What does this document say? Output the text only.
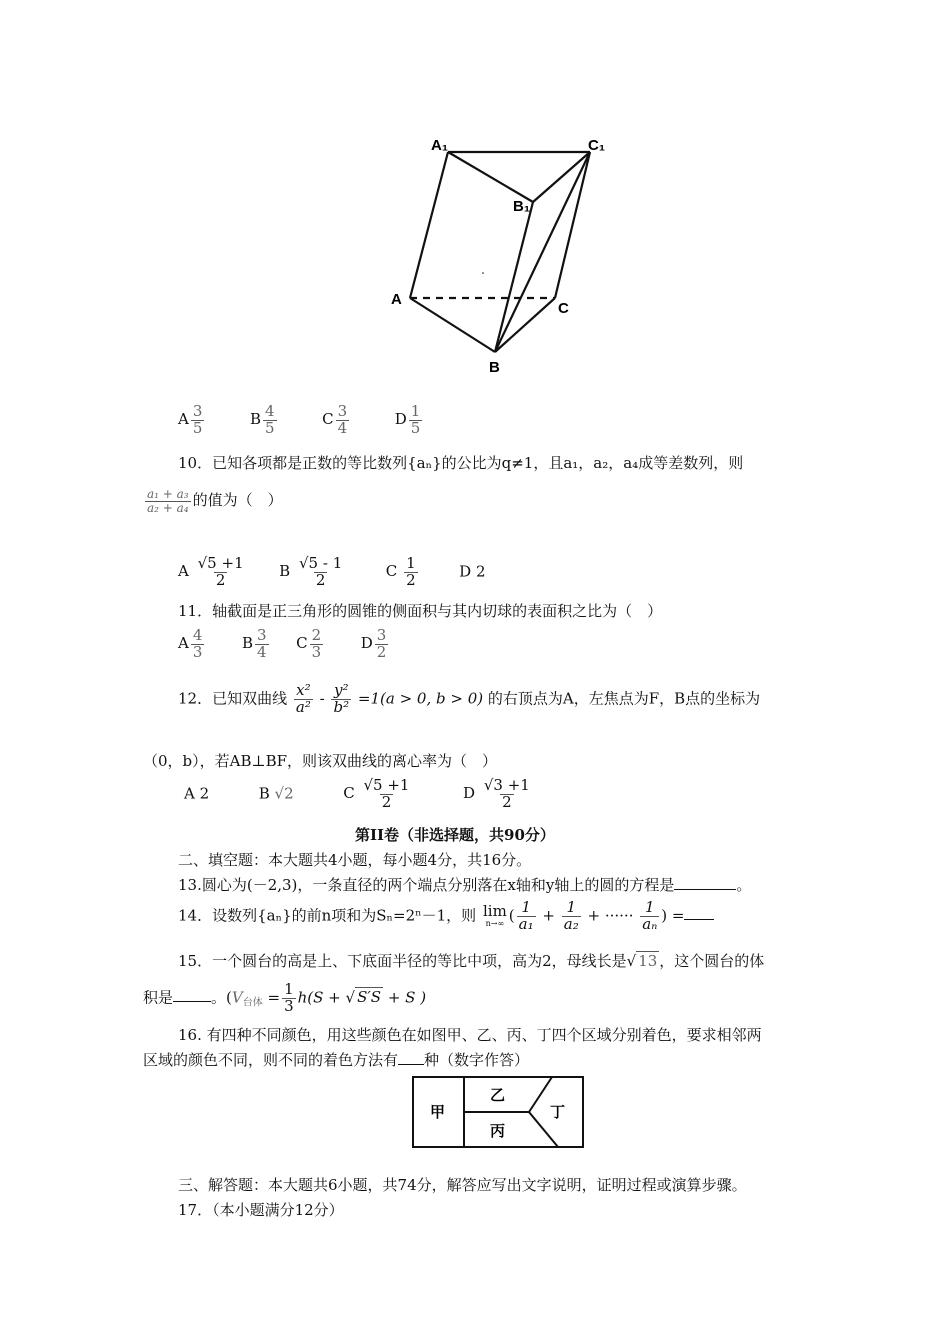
A₁	C₁
B₁
A
C
B
A $\frac{3}{5}$	B $\frac{4}{5}$	C $\frac{3}{4}$	D $\frac{1}{5}$
10．已知各项都是正数的等比数列{aₙ}的公比为q≠1，且a₁，a₂，a₄成等差数列，则
$\frac{\text{a₁ + a₃}}{\text{a₂ + a₄}}$ 的值为（　）
A $\frac{√5 +1}{2}$ B $\frac{√5 - 1}{2}$	C $\frac{1}{2}$	D 2
11．轴截面是正三角形的圆锥的侧面积与其内切球的表面积之比为（　）
A $\frac{4}{3}$	B $\frac{3}{4}$ C $\frac{2}{3}$	D $\frac{3}{2}$
12．已知双曲线 $\frac{\text{x²}}{\text{a²}} - \frac{\text{y²}}{\text{b²}} =1(a > 0$, b > 0) 的右顶点为A，左焦点为F，B点的坐标为
（0，b），若AB⊥BF，则该双曲线的离心率为（　）
A 2	B √2	C $\frac{√5 +1}{2}$	D $\frac{√3 +1}{2}$
第II卷（非选择题，共90分）
二、填空题：本大题共4小题，每小题4分，共16分。
13.圆心为(－2,3)，一条直径的两个端点分别落在x轴和y轴上的圆的方程是	。
14．设数列{aₙ}的前n项和为Sₙ=2ⁿ－1，则 lim
n→∞ ( $\frac{1}{\text{a₁}} + \frac{1}{\text{a₂}}$ + ······ $\frac{1}{\text{aₙ}}$ ) =
15．一个圆台的高是上、下底面半径的等比中项，高为2，母线长是√ 13 ，这个圆台的体
积是	。($V_{台体} = \frac{1}{3} h(S$ + √ S′S + S )
16. 有四种不同颜色，用这些颜色在如图甲、乙、丙、丁四个区域分别着色，要求相邻两
区域的颜色不同，则不同的着色方法有 种（数字作答）
甲
乙
丙
丁
三、解答题：本大题共6小题，共74分，解答应写出文字说明，证明过程或演算步骤。
17．（本小题满分12分）
